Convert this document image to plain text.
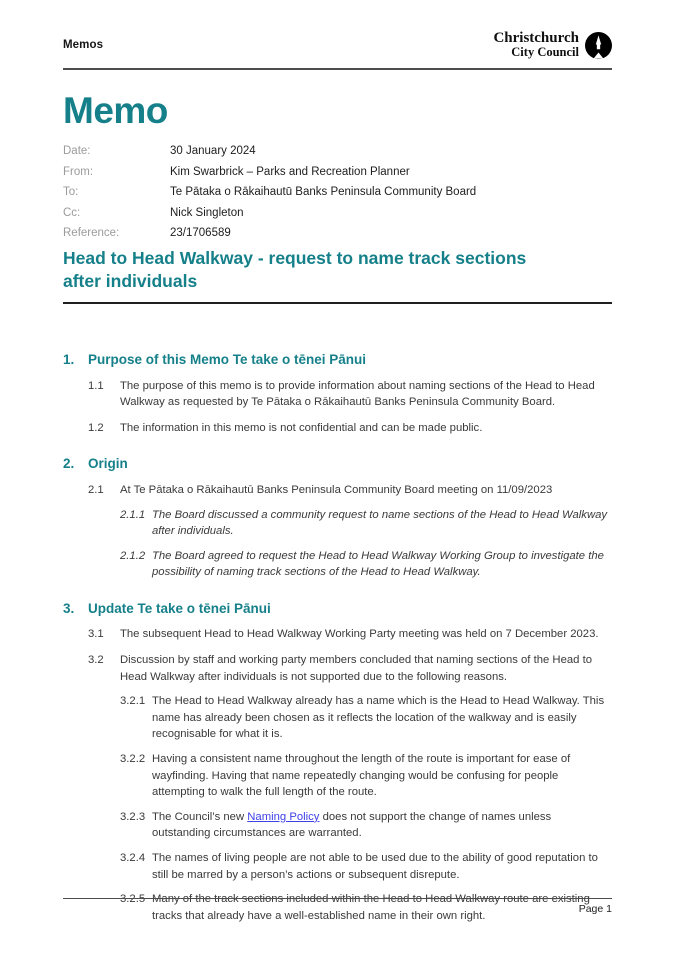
Memos	Christchurch
City Council
Memo
Date:	30 January 2024
From:	Kim Swarbrick – Parks and Recreation Planner
To:	Te Pātaka o Rākaihautū Banks Peninsula Community Board
Cc:	Nick Singleton
Reference:	23/1706589
Head to Head Walkway - request to name track sections after individuals
1.	Purpose of this Memo Te take o tēnei Pānui
1.1	The purpose of this memo is to provide information about naming sections of the Head to Head Walkway as requested by Te Pātaka o Rākaihautū Banks Peninsula Community Board.
1.2	The information in this memo is not confidential and can be made public.
2.	Origin
2.1	At Te Pātaka o Rākaihautū Banks Peninsula Community Board meeting on 11/09/2023
2.1.1 The Board discussed a community request to name sections of the Head to Head Walkway after individuals.
2.1.2 The Board agreed to request the Head to Head Walkway Working Group to investigate the possibility of naming track sections of the Head to Head Walkway.
3.	Update Te take o tēnei Pānui
3.1	The subsequent Head to Head Walkway Working Party meeting was held on 7 December 2023.
3.2	Discussion by staff and working party members concluded that naming sections of the Head to Head Walkway after individuals is not supported due to the following reasons.
3.2.1 The Head to Head Walkway already has a name which is the Head to Head Walkway. This name has already been chosen as it reflects the location of the walkway and is easily recognisable for what it is.
3.2.2 Having a consistent name throughout the length of the route is important for ease of wayfinding. Having that name repeatedly changing would be confusing for people attempting to walk the full length of the route.
3.2.3 The Council’s new Naming Policy does not support the change of names unless outstanding circumstances are warranted.
3.2.4 The names of living people are not able to be used due to the ability of good reputation to still be marred by a person’s actions or subsequent disrepute.
3.2.5 Many of the track sections included within the Head to Head Walkway route are existing tracks that already have a well-established name in their own right.
Page 1
